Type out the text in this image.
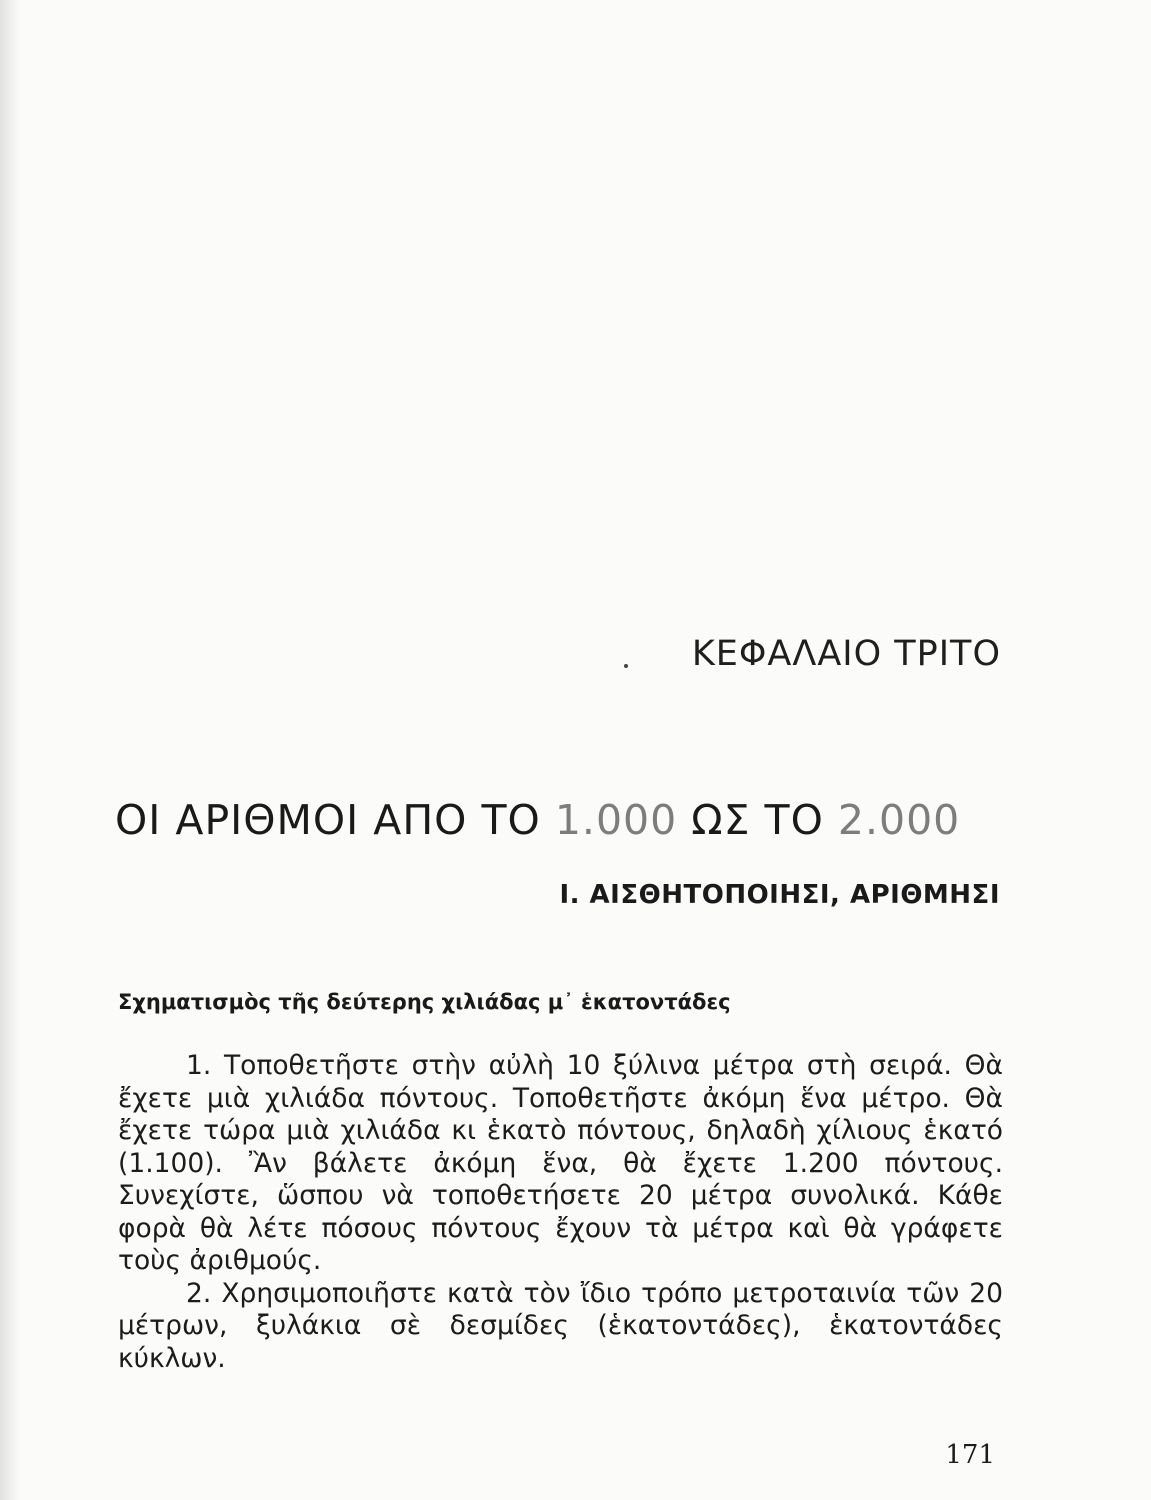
ΚΕΦΑΛΑΙΟ ΤΡΙΤΟ
ΟΙ ΑΡΙΘΜΟΙ ΑΠΟ ΤΟ 1.000 ΩΣ ΤΟ 2.000
Ι. ΑΙΣΘΗΤΟΠΟΙΗΣΙ, ΑΡΙΘΜΗΣΙ
Σχηματισμὸς τῆς δεύτερης χιλιάδας μ᾽ ἑκατοντάδες

1. Τοποθετῆστε στὴν αὐλὴ 10 ξύλινα μέτρα στὴ σειρά. Θὰ ἔχετε μιὰ χιλιάδα πόντους. Τοποθετῆστε ἀκόμη ἕνα μέτρο. Θὰ ἔχετε τώρα μιὰ χιλιάδα κι ἑκατὸ πόντους, δηλαδὴ χίλιους ἑκατό (1.100). Ἂν βάλετε ἀκόμη ἕνα, θὰ ἔχετε 1.200 πόντους. Συνεχίστε, ὥσπου νὰ τοποθετήσετε 20 μέτρα συνολικά. Κάθε φορὰ θὰ λέτε πόσους πόντους ἔχουν τὰ μέτρα καὶ θὰ γράφετε τοὺς ἀριθμούς.

2. Χρησιμοποιῆστε κατὰ τὸν ἴδιο τρόπο μετροταινία τῶν 20 μέτρων, ξυλάκια σὲ δεσμίδες (ἑκατοντάδες), ἑκατοντάδες κύκλων.

171
